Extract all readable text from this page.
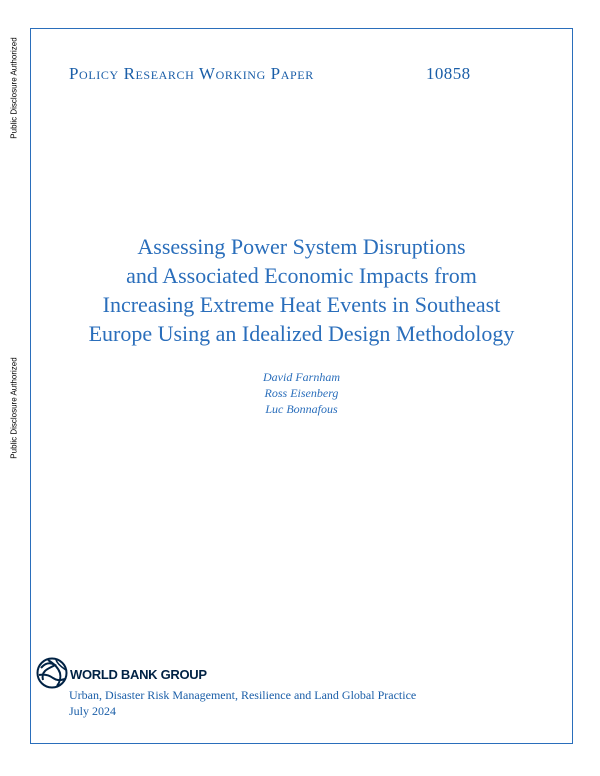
Public Disclosure Authorized
Public Disclosure Authorized
Policy Research Working Paper	10858
Assessing Power System Disruptions
and Associated Economic Impacts from
Increasing Extreme Heat Events in Southeast
Europe Using an Idealized Design Methodology
David Farnham
Ross Eisenberg
Luc Bonnafous
WORLD BANK GROUP
Urban, Disaster Risk Management, Resilience and Land Global Practice
July 2024
